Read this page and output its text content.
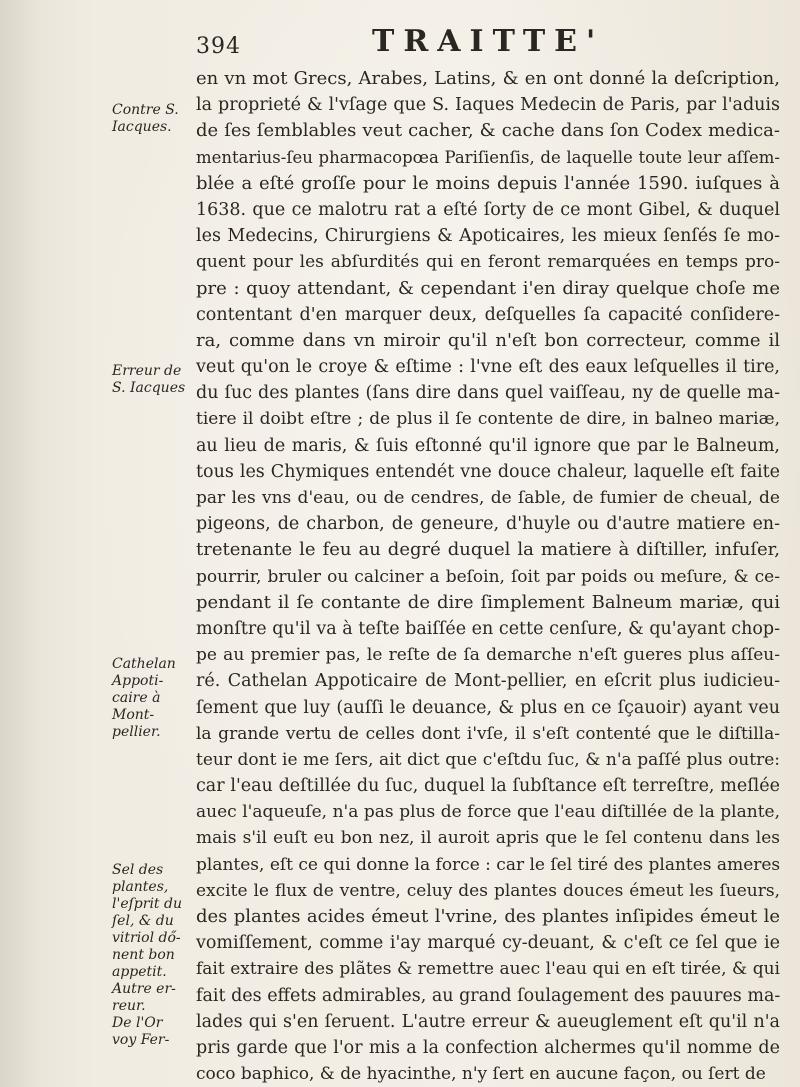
394	TRAITTE'
Contre S.
Iacques.
Erreur de
S. Iacques
Cathelan
Appoti-
caire à
Mont-
pellier.
Sel des
plantes,
l'eſprit du
ſel, & du
vitriol dő-
nent bon
appetit.
Autre er-
reur.
De l'Or
voy Fer-
en vn mot Grecs, Arabes, Latins, & en ont donné la deſcription,
la proprieté & l'vſage que S. Iaques Medecin de Paris, par l'aduis
de ſes ſemblables veut cacher, & cache dans ſon Codex medica-
mentarius-ſeu pharmacopœa Pariſienſis, de laquelle toute leur aſſem-
blée a eſté groſſe pour le moins depuis l'année 1590. iuſques à
1638. que ce malotru rat a eſté ſorty de ce mont Gibel, & duquel
les Medecins, Chirurgiens & Apoticaires, les mieux ſenſés ſe mo-
quent pour les abſurdités qui en feront remarquées en temps pro-
pre : quoy attendant, & cependant i'en diray quelque choſe me
contentant d'en marquer deux, deſquelles ſa capacité conſidere-
ra, comme dans vn miroir qu'il n'eſt bon correcteur, comme il
veut qu'on le croye & eſtime : l'vne eſt des eaux leſquelles il tire,
du ſuc des plantes (ſans dire dans quel vaiſſeau, ny de quelle ma-
tiere il doibt eſtre ; de plus il ſe contente de dire, in balneo mariæ,
au lieu de maris, & ſuis eſtonné qu'il ignore que par le Balneum,
tous les Chymiques entendét vne douce chaleur, laquelle eſt faite
par les vns d'eau, ou de cendres, de ſable, de fumier de cheual, de
pigeons, de charbon, de geneure, d'huyle ou d'autre matiere en-
tretenante le feu au degré duquel la matiere à diſtiller, infuſer,
pourrir, bruler ou calciner a beſoin, ſoit par poids ou meſure, & ce-
pendant il ſe contante de dire ſimplement Balneum mariæ, qui
monſtre qu'il va à teſte baiſſée en cette cenſure, & qu'ayant chop-
pe au premier pas, le reſte de ſa demarche n'eſt gueres plus aſſeu-
ré. Cathelan Appoticaire de Mont-pellier, en eſcrit plus iudicieu-
ſement que luy (auſſi le deuance, & plus en ce ſçauoir) ayant veu
la grande vertu de celles dont i'vſe, il s'eſt contenté que le diſtilla-
teur dont ie me ſers, ait dict que c'eſtdu ſuc, & n'a paſſé plus outre:
car l'eau deſtillée du ſuc, duquel la ſubſtance eſt terreſtre, meſlée
auec l'aqueuſe, n'a pas plus de force que l'eau diſtillée de la plante,
mais s'il euſt eu bon nez, il auroit apris que le ſel contenu dans les
plantes, eſt ce qui donne la force : car le ſel tiré des plantes ameres
excite le flux de ventre, celuy des plantes douces émeut les ſueurs,
des plantes acides émeut l'vrine, des plantes inſipides émeut le
vomiſſement, comme i'ay marqué cy-deuant, & c'eſt ce ſel que ie
fait extraire des plãtes & remettre auec l'eau qui en eſt tirée, & qui
fait des effets admirables, au grand ſoulagement des pauures ma-
lades qui s'en ſeruent. L'autre erreur & aueuglement eſt qu'il n'a
pris garde que l'or mis a la confection alchermes qu'il nomme de
coco baphico, & de hyacinthe, n'y ſert en aucune façon, ou ſert de
